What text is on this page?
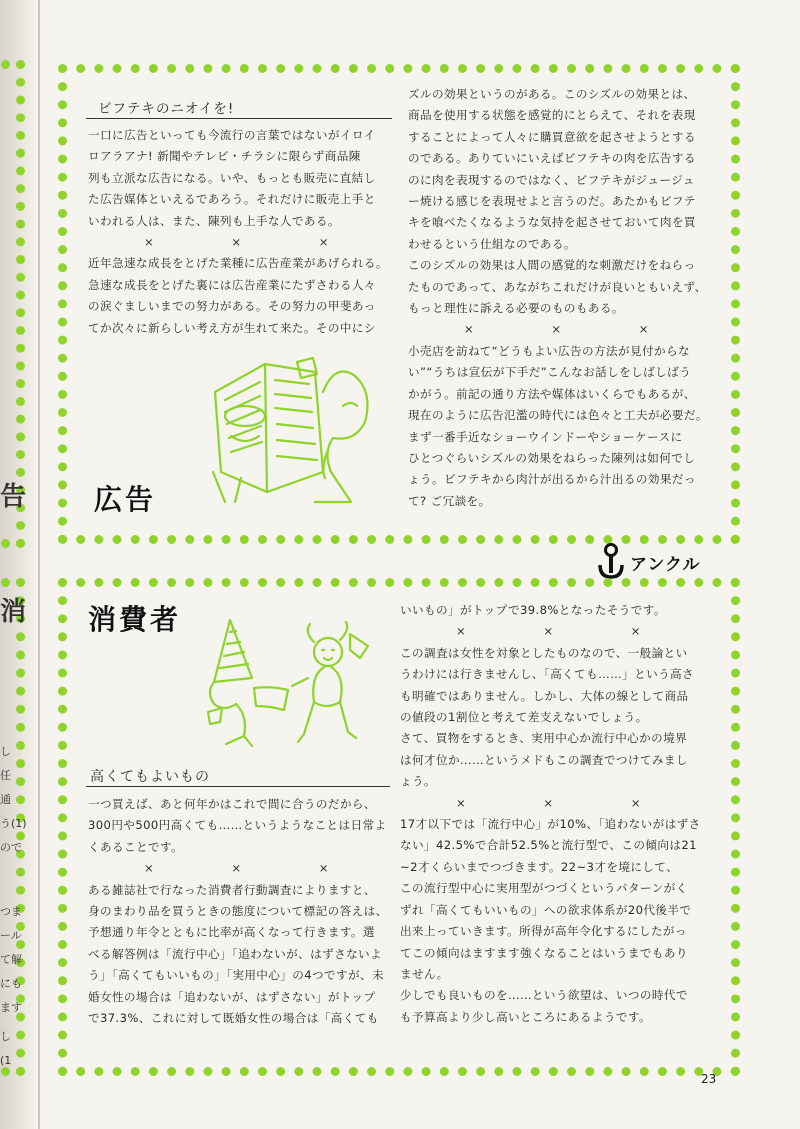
告
消
し
任
通
う(1)
ので
つま
ール
て解
にも
ます
し
(1
ビフテキのニオイを!

一口に広告といっても今流行の言葉ではないがイロイ

ロアラアナ! 新聞やテレビ・チラシに限らず商品陳

列も立派な広告になる。いや、もっとも販売に直結し

た広告媒体といえるであろう。それだけに販売上手と

いわれる人は、また、陳列も上手な人である。

× × ×

近年急速な成長をとげた業種に広告産業があげられる。

急速な成長をとげた裏には広告産業にたずさわる人々

の涙ぐましいまでの努力がある。その努力の甲斐あっ

てか次々に新らしい考え方が生れて来た。その中にシ

ズルの効果というのがある。このシズルの効果とは、

商品を使用する状態を感覚的にとらえて、それを表現

することによって人々に購買意欲を起させようとする

のである。ありていにいえばビフテキの肉を広告する

のに肉を表現するのではなく、ビフテキがジュージュ

ー焼ける感じを表現せよと言うのだ。あたかもビフテ

キを喰べたくなるような気持を起させておいて肉を買

わせるという仕組なのである。

このシズルの効果は人間の感覚的な刺激だけをねらっ

たものであって、あながちこれだけが良いともいえず、

もっと理性に訴える必要のものもある。

× × ×

小売店を訪ねて“どうもよい広告の方法が見付からな

い”“うちは宣伝が下手だ”こんなお話しをしばしばう

かがう。前記の通り方法や媒体はいくらでもあるが、

現在のように広告氾濫の時代には色々と工夫が必要だ。

まず一番手近なショーウインドーやショーケースに

ひとつぐらいシズルの効果をねらった陳列は如何でし

ょう。ビフテキから肉汁が出るから汁出るの効果だっ

て? ご冗談を。

広告
アンクル
消費者
高くてもよいもの

一つ買えば、あと何年かはこれで間に合うのだから、

300円や500円高くても……というようなことは日常よ

くあることです。

× × ×

ある雑誌社で行なった消費者行動調査によりますと、

身のまわり品を買うときの態度について標記の答えは、

予想通り年令とともに比率が高くなって行きます。選

べる解答例は「流行中心」「追わないが、はずさないよ

う」「高くてもいいもの」「実用中心」の4つですが、未

婚女性の場合は「追わないが、はずさない」がトップ

で37.3%、これに対して既婚女性の場合は「高くても

いいもの」がトップで39.8%となったそうです。

× × ×

この調査は女性を対象としたものなので、一般論とい

うわけには行きませんし、「高くても……」という高さ

も明確ではありません。しかし、大体の線として商品

の値段の1割位と考えて差支えないでしょう。

さて、買物をするとき、実用中心か流行中心かの境界

は何才位か……というメドもこの調査でつけてみまし

ょう。

× × ×

17才以下では「流行中心」が10%、「追わないがはずさ

ない」42.5%で合計52.5%と流行型で、この傾向は21

~2才くらいまでつづきます。22~3才を境にして、

この流行型中心に実用型がつづくというパターンがく

ずれ「高くてもいいもの」への欲求体系が20代後半で

出来上っていきます。所得が高年令化するにしたがっ

てこの傾向はますます強くなることはいうまでもあり

ません。

少しでも良いものを……という欲望は、いつの時代で

も予算高より少し高いところにあるようです。

23
